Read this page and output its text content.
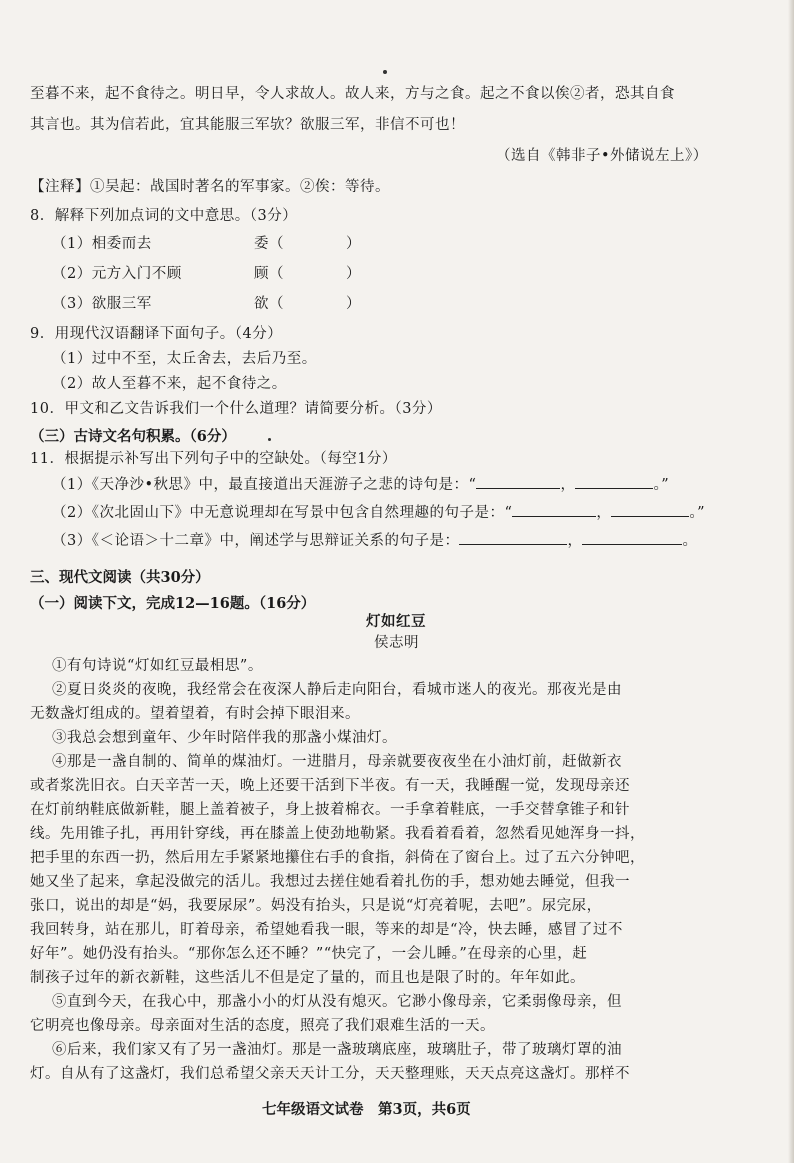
至暮不来，起不食待之。明日早，令人求故人。故人来，方与之食。起之不食以俟②者，恐其自食
其言也。其为信若此，宜其能服三军欤？欲服三军，非信不可也！
（选自《韩非子•外储说左上》）
【注释】①吴起：战国时著名的军事家。②俟：等待。
8．解释下列加点词的文中意思。（3分）
（1）相委而去	委（	）
（2）元方入门不顾	顾（	）
（3）欲服三军	欲（	）
9．用现代汉语翻译下面句子。（4分）
（1）过中不至，太丘舍去，去后乃至。
（2）故人至暮不来，起不食待之。
10．甲文和乙文告诉我们一个什么道理？请简要分析。（3分）
（三）古诗文名句积累。（6分）
11．根据提示补写出下列句子中的空缺处。（每空1分）
（1）《天净沙•秋思》中，最直接道出天涯游子之悲的诗句是：“	，	。”
（2）《次北固山下》中无意说理却在写景中包含自然理趣的句子是：“	，	。”
（3）《＜论语＞十二章》中，阐述学与思辩证关系的句子是：	，	。
三、现代文阅读（共30分）
（一）阅读下文，完成12—16题。（16分）
灯如红豆
侯志明
①有句诗说“灯如红豆最相思”。
②夏日炎炎的夜晚，我经常会在夜深人静后走向阳台，看城市迷人的夜光。那夜光是由
无数盏灯组成的。望着望着，有时会掉下眼泪来。
③我总会想到童年、少年时陪伴我的那盏小煤油灯。
④那是一盏自制的、简单的煤油灯。一进腊月，母亲就要夜夜坐在小油灯前，赶做新衣
或者浆洗旧衣。白天辛苦一天，晚上还要干活到下半夜。有一天，我睡醒一觉，发现母亲还
在灯前纳鞋底做新鞋，腿上盖着被子，身上披着棉衣。一手拿着鞋底，一手交替拿锥子和针
线。先用锥子扎，再用针穿线，再在膝盖上使劲地勒紧。我看着看着，忽然看见她浑身一抖，
把手里的东西一扔，然后用左手紧紧地攥住右手的食指，斜倚在了窗台上。过了五六分钟吧，
她又坐了起来，拿起没做完的活儿。我想过去搓住她看着扎伤的手，想劝她去睡觉，但我一
张口，说出的却是“妈，我要尿尿”。妈没有抬头，只是说“灯亮着呢，去吧”。尿完尿，
我回转身，站在那儿，盯着母亲，希望她看我一眼，等来的却是“冷，快去睡，感冒了过不
好年”。她仍没有抬头。“那你怎么还不睡？”“快完了，一会儿睡。”在母亲的心里，赶
制孩子过年的新衣新鞋，这些活儿不但是定了量的，而且也是限了时的。年年如此。
⑤直到今天，在我心中，那盏小小的灯从没有熄灭。它渺小像母亲，它柔弱像母亲，但
它明亮也像母亲。母亲面对生活的态度，照亮了我们艰难生活的一天。
⑥后来，我们家又有了另一盏油灯。那是一盏玻璃底座，玻璃肚子，带了玻璃灯罩的油
灯。自从有了这盏灯，我们总希望父亲天天计工分，天天整理账，天天点亮这盏灯。那样不
七年级语文试卷　第3页，共6页
